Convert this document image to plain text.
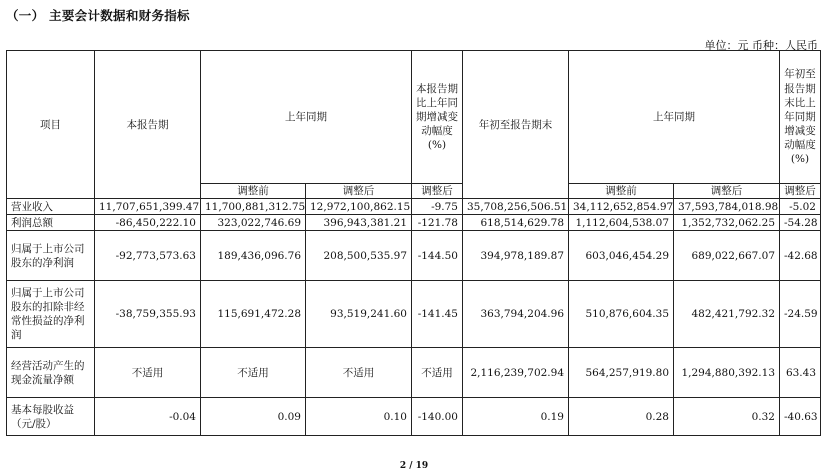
（一） 主要会计数据和财务指标
单位：元 币种：人民币
项目	本报告期	上年同期		本报告期比上年同期增减变动幅度(%)	年初至报告期末	上年同期		年初至报告期末比上年同期增减变动幅度(%)

		调整前	调整后	调整后		调整前	调整后	调整后
营业收入	11,707,651,399.47	11,700,881,312.75	12,972,100,862.15	-9.75	35,708,256,506.51	34,112,652,854.97	37,593,784,018.98	-5.02
利润总额	-86,450,222.10	323,022,746.69	396,943,381.21	-121.78	618,514,629.78	1,112,604,538.07	1,352,732,062.25	-54.28

归属于上市公司股东的净利润	-92,773,573.63	189,436,096.76	208,500,535.97	-144.50	394,978,189.87	603,046,454.29	689,022,667.07	-42.68

归属于上市公司股东的扣除非经常性损益的净利润	-38,759,355.93	115,691,472.28	93,519,241.60	-141.45	363,794,204.96	510,876,604.35	482,421,792.32	-24.59

经营活动产生的现金流量净额	不适用	不适用	不适用	不适用	2,116,239,702.94	564,257,919.80	1,294,880,392.13	63.43

基本每股收益（元/股）	-0.04	0.09	0.10	-140.00	0.19	0.28	0.32	-40.63
2 / 19
